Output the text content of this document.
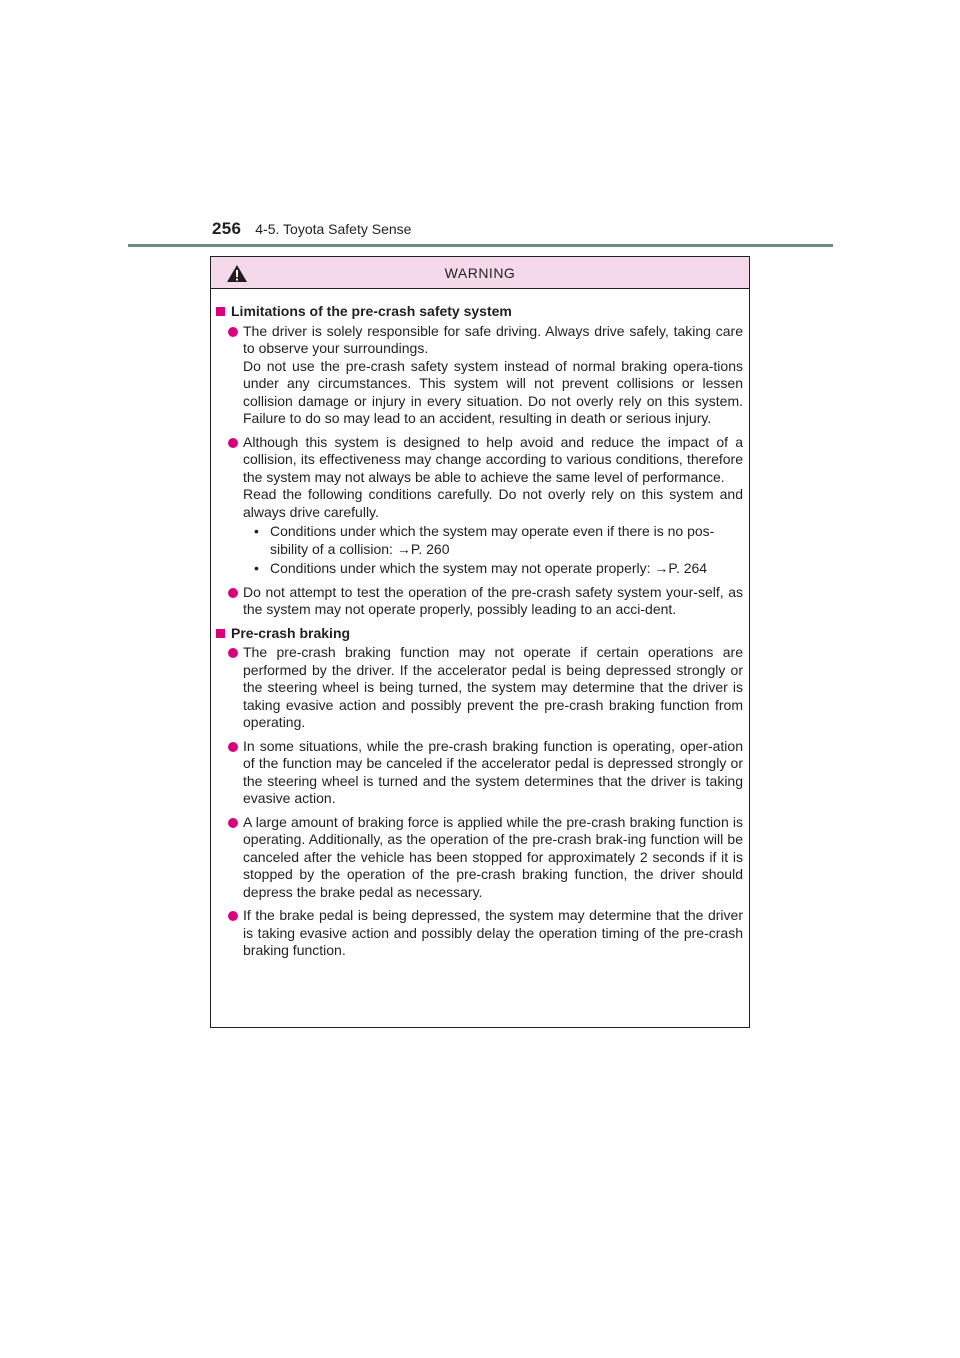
256 4-5. Toyota Safety Sense
WARNING
Limitations of the pre-crash safety system

The driver is solely responsible for safe driving. Always drive safely, taking care to observe your surroundings.

Do not use the pre-crash safety system instead of normal braking opera-tions under any circumstances. This system will not prevent collisions or lessen collision damage or injury in every situation. Do not overly rely on this system. Failure to do so may lead to an accident, resulting in death or serious injury.

Although this system is designed to help avoid and reduce the impact of a collision, its effectiveness may change according to various conditions, therefore the system may not always be able to achieve the same level of performance.

Read the following conditions carefully. Do not overly rely on this system and always drive carefully.

• Conditions under which the system may operate even if there is no pos-sibility of a collision: →P. 260
• Conditions under which the system may not operate properly: →P. 264

Do not attempt to test the operation of the pre-crash safety system your-self, as the system may not operate properly, possibly leading to an acci-dent.

Pre-crash braking

The pre-crash braking function may not operate if certain operations are performed by the driver. If the accelerator pedal is being depressed strongly or the steering wheel is being turned, the system may determine that the driver is taking evasive action and possibly prevent the pre-crash braking function from operating.

In some situations, while the pre-crash braking function is operating, oper-ation of the function may be canceled if the accelerator pedal is depressed strongly or the steering wheel is turned and the system determines that the driver is taking evasive action.

A large amount of braking force is applied while the pre-crash braking function is operating. Additionally, as the operation of the pre-crash brak-ing function will be canceled after the vehicle has been stopped for approximately 2 seconds if it is stopped by the operation of the pre-crash braking function, the driver should depress the brake pedal as necessary.

If the brake pedal is being depressed, the system may determine that the driver is taking evasive action and possibly delay the operation timing of the pre-crash braking function.
